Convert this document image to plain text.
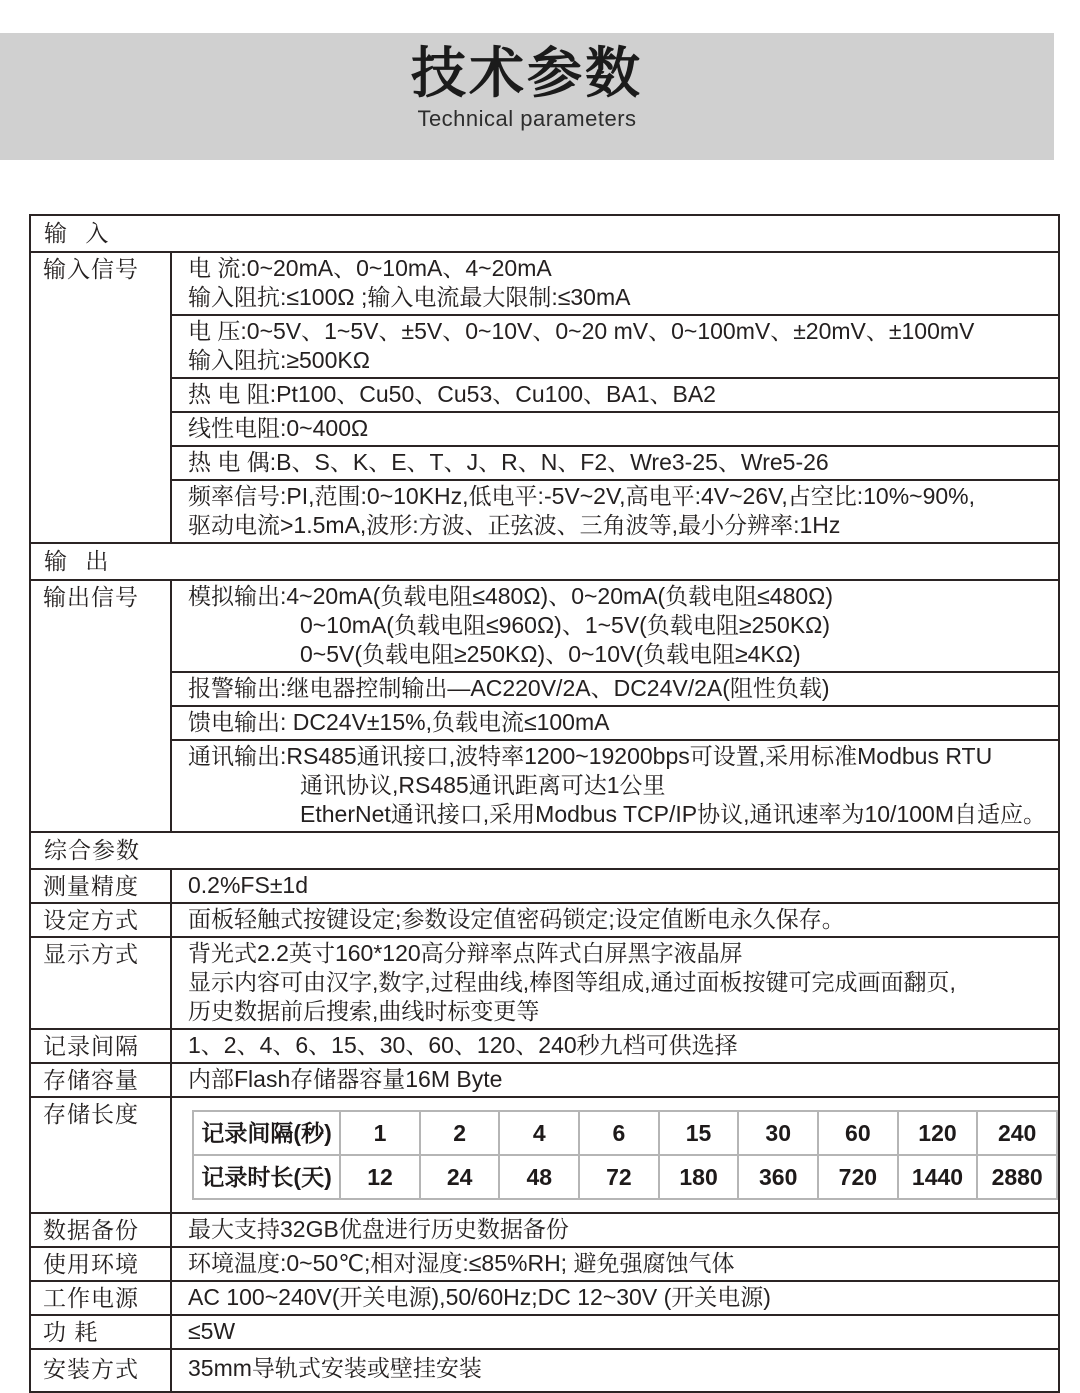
技术参数
Technical parameters
输 入
输入信号	电 流:0~20mA、0~10mA、4~20mA
输入阻抗:≤100Ω ;输入电流最大限制:≤30mA
电 压:0~5V、1~5V、±5V、0~10V、0~20 mV、0~100mV、±20mV、±100mV
输入阻抗:≥500KΩ
热 电 阻:Pt100、Cu50、Cu53、Cu100、BA1、BA2
线性电阻:0~400Ω
热 电 偶:B、S、K、E、T、J、R、N、F2、Wre3-25、Wre5-26
频率信号:PI,范围:0~10KHz,低电平:-5V~2V,高电平:4V~26V,占空比:10%~90%,
驱动电流>1.5mA,波形:方波、正弦波、三角波等,最小分辨率:1Hz
输 出
输出信号	模拟输出:4~20mA(负载电阻≤480Ω)、0~20mA(负载电阻≤480Ω)
0~10mA(负载电阻≤960Ω)、1~5V(负载电阻≥250KΩ)
0~5V(负载电阻≥250KΩ)、0~10V(负载电阻≥4KΩ)
报警输出:继电器控制输出—AC220V/2A、DC24V/2A(阻性负载)
馈电输出: DC24V±15%,负载电流≤100mA
通讯输出:RS485通讯接口,波特率1200~19200bps可设置,采用标准Modbus RTU
通讯协议,RS485通讯距离可达1公里
EtherNet通讯接口,采用Modbus TCP/IP协议,通讯速率为10/100M自适应。
综合参数
测量精度	0.2%FS±1d
设定方式	面板轻触式按键设定;参数设定值密码锁定;设定值断电永久保存。
显示方式	背光式2.2英寸160*120高分辩率点阵式白屏黑字液晶屏
显示内容可由汉字,数字,过程曲线,棒图等组成,通过面板按键可完成画面翻页,
历史数据前后搜索,曲线时标变更等
记录间隔	1、2、4、6、15、30、60、120、240秒九档可供选择
存储容量	内部Flash存储器容量16M Byte
存储长度
记录间隔(秒)	1	2	4	6	15	30	60	120	240
记录时长(天)	12	24	48	72	180	360	720	1440	2880
数据备份	最大支持32GB优盘进行历史数据备份
使用环境	环境温度:0~50℃;相对湿度:≤85%RH; 避免强腐蚀气体
工作电源	AC 100~240V(开关电源),50/60Hz;DC 12~30V (开关电源)
功 耗	≤5W
安装方式	35mm导轨式安装或壁挂安装
